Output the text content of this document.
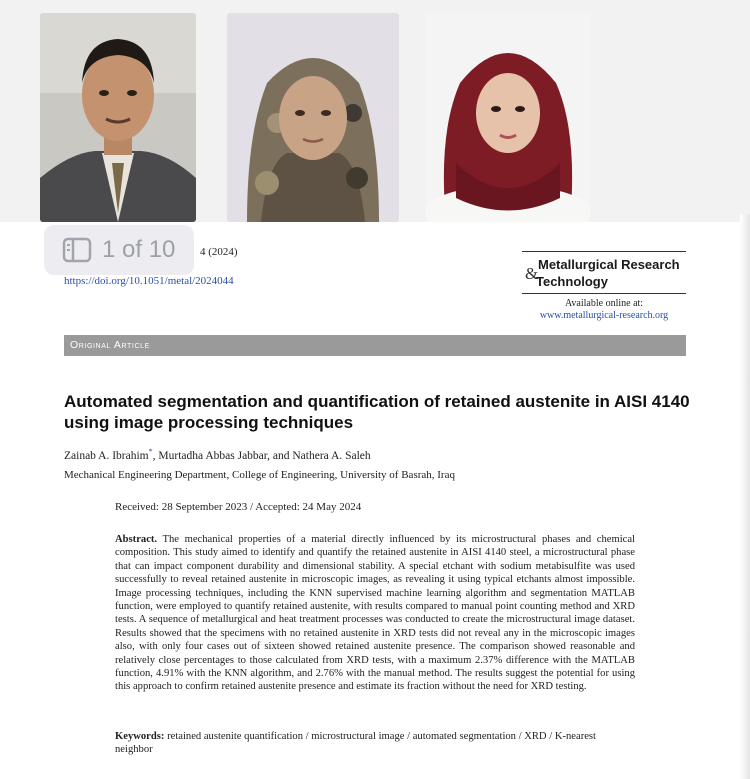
4 (2024)
1 of 10
https://doi.org/10.1051/metal/2024044
Metallurgical Research
&
Technology
Available online at:
www.metallurgical-research.org
Original Article
Automated segmentation and quantification of retained austenite in AISI 4140 using image processing techniques
Zainab A. Ibrahim*, Murtadha Abbas Jabbar, and Nathera A. Saleh
Mechanical Engineering Department, College of Engineering, University of Basrah, Iraq
Received: 28 September 2023 / Accepted: 24 May 2024
Abstract. The mechanical properties of a material directly influenced by its microstructural phases and chemical composition. This study aimed to identify and quantify the retained austenite in AISI 4140 steel, a microstructural phase that can impact component durability and dimensional stability. A special etchant with sodium metabisulfite was used successfully to reveal retained austenite in microscopic images, as revealing it using typical etchants almost impossible. Image processing techniques, including the KNN supervised machine learning algorithm and segmentation MATLAB function, were employed to quantify retained austenite, with results compared to manual point counting method and XRD tests. A sequence of metallurgical and heat treatment processes was conducted to create the microstructural image dataset. Results showed that the specimens with no retained austenite in XRD tests did not reveal any in the microscopic images also, with only four cases out of sixteen showed retained austenite presence. The comparison showed reasonable and relatively close percentages to those calculated from XRD tests, with a maximum 2.37% difference with the MATLAB function, 4.91% with the KNN algorithm, and 2.76% with the manual method. The results suggest the potential for using this approach to confirm retained austenite presence and estimate its fraction without the need for XRD testing.
Keywords: retained austenite quantification / microstructural image / automated segmentation / XRD / K-nearest neighbor
